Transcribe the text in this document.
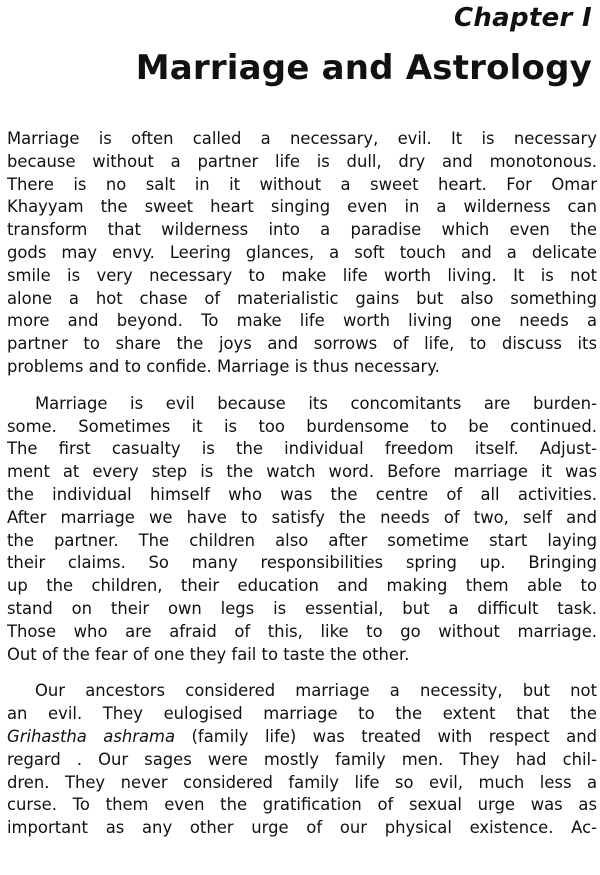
Chapter I
Marriage and Astrology

Marriage is often called a necessary, evil. It is necessary
because without a partner life is dull, dry and monotonous.
There is no salt in it without a sweet heart. For Omar
Khayyam the sweet heart singing even in a wilderness can
transform that wilderness into a paradise which even the
gods may envy. Leering glances, a soft touch and a delicate
smile is very necessary to make life worth living. It is not
alone a hot chase of materialistic gains but also something
more and beyond. To make life worth living one needs a
partner to share the joys and sorrows of life, to discuss its
problems and to confide. Marriage is thus necessary.

Marriage is evil because its concomitants are burden-
some. Sometimes it is too burdensome to be continued.
The first casualty is the individual freedom itself. Adjust-
ment at every step is the watch word. Before marriage it was
the individual himself who was the centre of all activities.
After marriage we have to satisfy the needs of two, self and
the partner. The children also after sometime start laying
their claims. So many responsibilities spring up. Bringing
up the children, their education and making them able to
stand on their own legs is essential, but a difficult task.
Those who are afraid of this, like to go without marriage.
Out of the fear of one they fail to taste the other.

Our ancestors considered marriage a necessity, but not
an evil. They eulogised marriage to the extent that the
Grihastha ashrama (family life) was treated with respect and
regard . Our sages were mostly family men. They had chil-
dren. They never considered family life so evil, much less a
curse. To them even the gratification of sexual urge was as
important as any other urge of our physical existence. Ac-
